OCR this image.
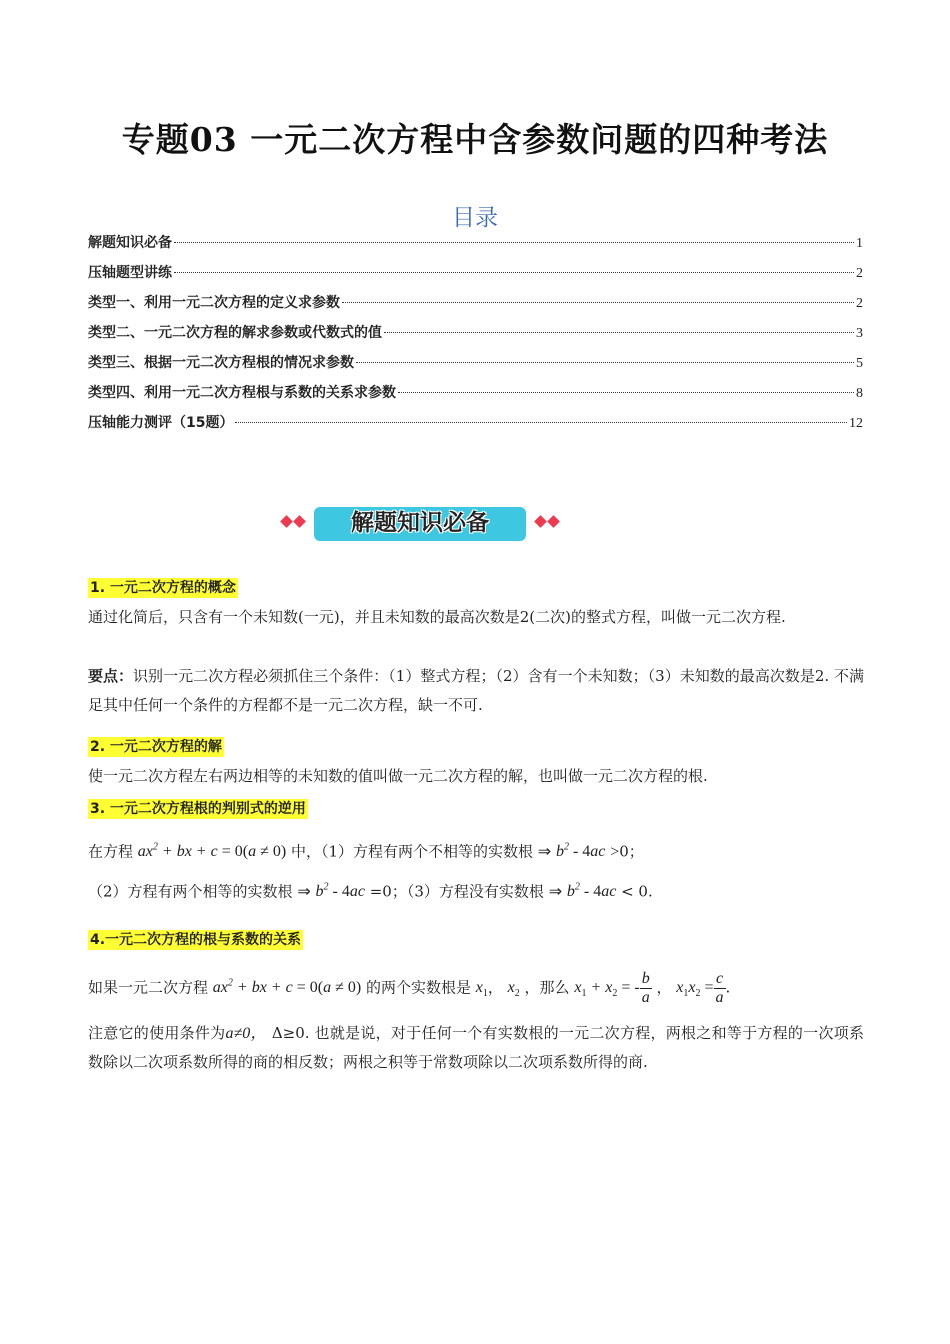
专题03 一元二次方程中含参数问题的四种考法
目录
解题知识必备	1
压轴题型讲练	2
类型一、利用一元二次方程的定义求参数	2
类型二、一元二次方程的解求参数或代数式的值	3
类型三、根据一元二次方程根的情况求参数	5
类型四、利用一元二次方程根与系数的关系求参数	8
压轴能力测评（15题）	12
解题知识必备
1. 一元二次方程的概念
通过化简后，只含有一个未知数(一元)，并且未知数的最高次数是2(二次)的整式方程，叫做一元二次方程.
要点：识别一元二次方程必须抓住三个条件：（1）整式方程；（2）含有一个未知数；（3）未知数的最高次数是2. 不满足其中任何一个条件的方程都不是一元二次方程，缺一不可.
2. 一元二次方程的解
使一元二次方程左右两边相等的未知数的值叫做一元二次方程的解，也叫做一元二次方程的根.
3. 一元二次方程根的判别式的逆用
在方程 $ax^2$ + bx + c = 0(a ≠ 0) 中，（1）方程有两个不相等的实数根 ⇒ $b^2 - 4ac >0$；
（2）方程有两个相等的实数根 ⇒ $b^2 - 4ac =0$；（3）方程没有实数根 ⇒ $b^2 - 4ac < 0$.
4.一元二次方程的根与系数的关系
如果一元二次方程 $ax^2$ + bx + c = 0(a ≠ 0) 的两个实数根是 $x_1$， $x_2$ ，那么 $x_1 + x_2$ = - $\frac{b}{a}$ ， $x_1x_2 = \frac{c}{a}$ .
注意它的使用条件为a≠0， Δ≥0. 也就是说，对于任何一个有实数根的一元二次方程，两根之和等于方程的一次项系数除以二次项系数所得的商的相反数；两根之积等于常数项除以二次项系数所得的商.
